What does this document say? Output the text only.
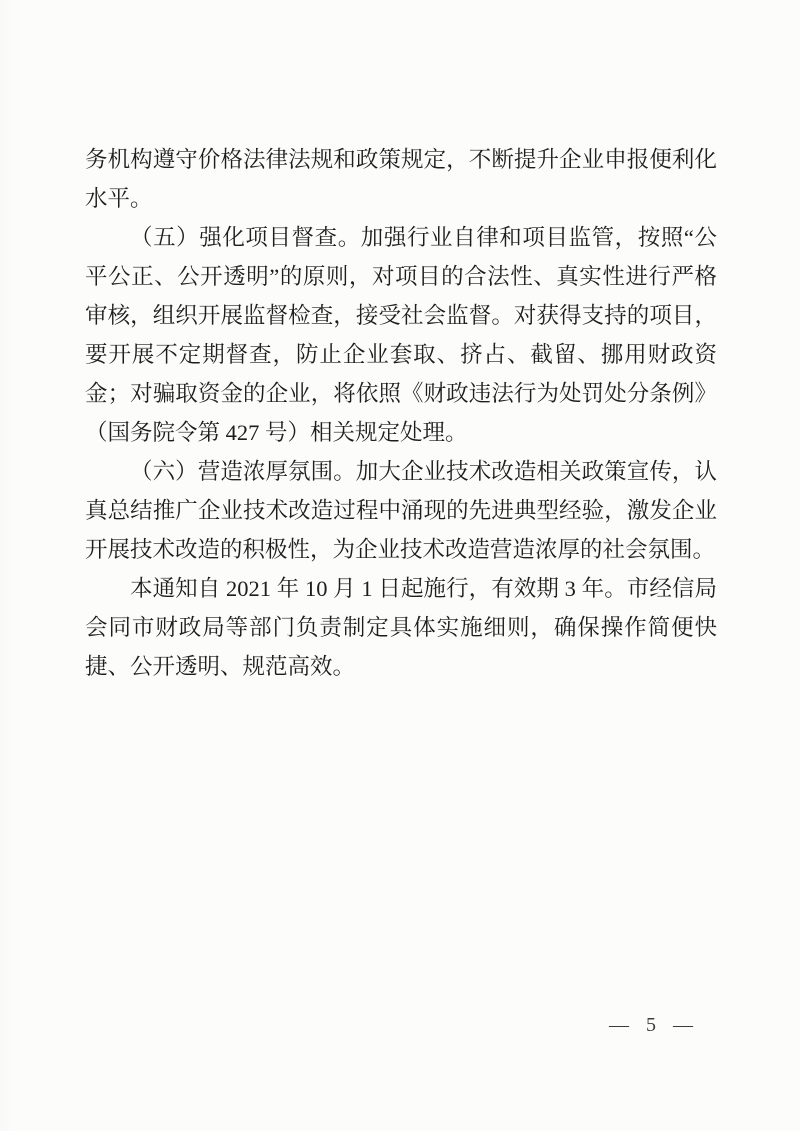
务机构遵守价格法律法规和政策规定，不断提升企业申报便利化水平。

（五）强化项目督查。加强行业自律和项目监管，按照“公平公正、公开透明”的原则，对项目的合法性、真实性进行严格审核，组织开展监督检查，接受社会监督。对获得支持的项目，要开展不定期督查，防止企业套取、挤占、截留、挪用财政资金；对骗取资金的企业，将依照《财政违法行为处罚处分条例》（国务院令第 427 号）相关规定处理。

（六）营造浓厚氛围。加大企业技术改造相关政策宣传，认真总结推广企业技术改造过程中涌现的先进典型经验，激发企业开展技术改造的积极性，为企业技术改造营造浓厚的社会氛围。

本通知自 2021 年 10 月 1 日起施行，有效期 3 年。市经信局会同市财政局等部门负责制定具体实施细则，确保操作简便快捷、公开透明、规范高效。

— 5 —
